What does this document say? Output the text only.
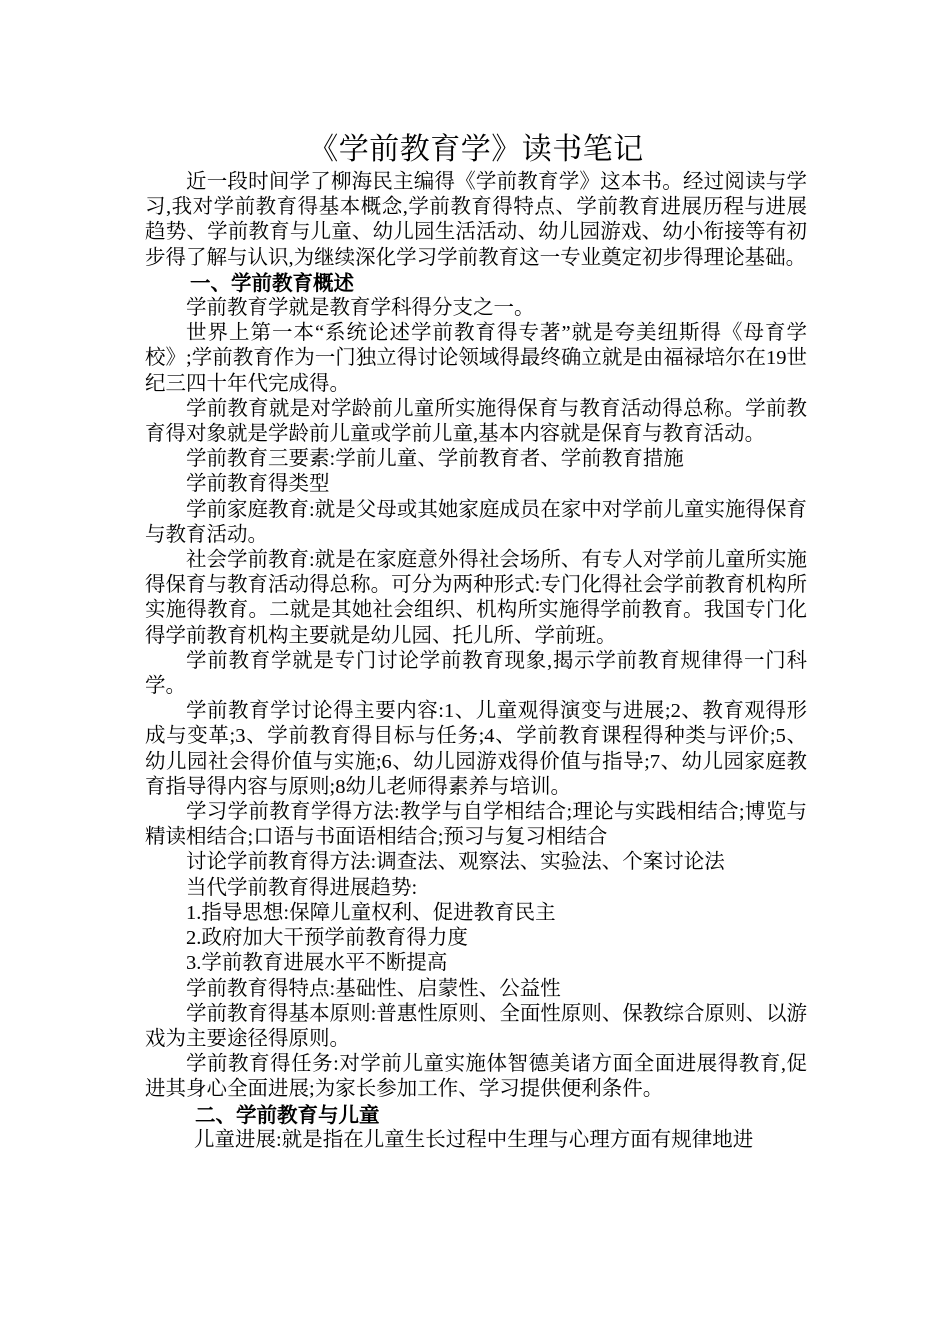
《学前教育学》读书笔记

近一段时间学了柳海民主编得《学前教育学》这本书。经过阅读与学习,我对学前教育得基本概念,学前教育得特点、学前教育进展历程与进展趋势、学前教育与儿童、幼儿园生活活动、幼儿园游戏、幼小衔接等有初步得了解与认识,为继续深化学习学前教育这一专业奠定初步得理论基础。

一、学前教育概述

学前教育学就是教育学科得分支之一。

世界上第一本“系统论述学前教育得专著”就是夸美纽斯得《母育学校》;学前教育作为一门独立得讨论领域得最终确立就是由福禄培尔在19世纪三四十年代完成得。

学前教育就是对学龄前儿童所实施得保育与教育活动得总称。学前教育得对象就是学龄前儿童或学前儿童,基本内容就是保育与教育活动。

学前教育三要素:学前儿童、学前教育者、学前教育措施

学前教育得类型

学前家庭教育:就是父母或其她家庭成员在家中对学前儿童实施得保育与教育活动。

社会学前教育:就是在家庭意外得社会场所、有专人对学前儿童所实施得保育与教育活动得总称。可分为两种形式:专门化得社会学前教育机构所实施得教育。二就是其她社会组织、机构所实施得学前教育。我国专门化得学前教育机构主要就是幼儿园、托儿所、学前班。

学前教育学就是专门讨论学前教育现象,揭示学前教育规律得一门科学。

学前教育学讨论得主要内容:1、儿童观得演变与进展;2、教育观得形成与变革;3、学前教育得目标与任务;4、学前教育课程得种类与评价;5、幼儿园社会得价值与实施;6、幼儿园游戏得价值与指导;7、幼儿园家庭教育指导得内容与原则;8幼儿老师得素养与培训。

学习学前教育学得方法:教学与自学相结合;理论与实践相结合;博览与精读相结合;口语与书面语相结合;预习与复习相结合

讨论学前教育得方法:调查法、观察法、实验法、个案讨论法

当代学前教育得进展趋势:

1.指导思想:保障儿童权利、促进教育民主

2.政府加大干预学前教育得力度

3.学前教育进展水平不断提高

学前教育得特点:基础性、启蒙性、公益性

学前教育得基本原则:普惠性原则、全面性原则、保教综合原则、以游戏为主要途径得原则。

学前教育得任务:对学前儿童实施体智德美诸方面全面进展得教育,促进其身心全面进展;为家长参加工作、学习提供便利条件。

二、学前教育与儿童

儿童进展:就是指在儿童生长过程中生理与心理方面有规律地进
